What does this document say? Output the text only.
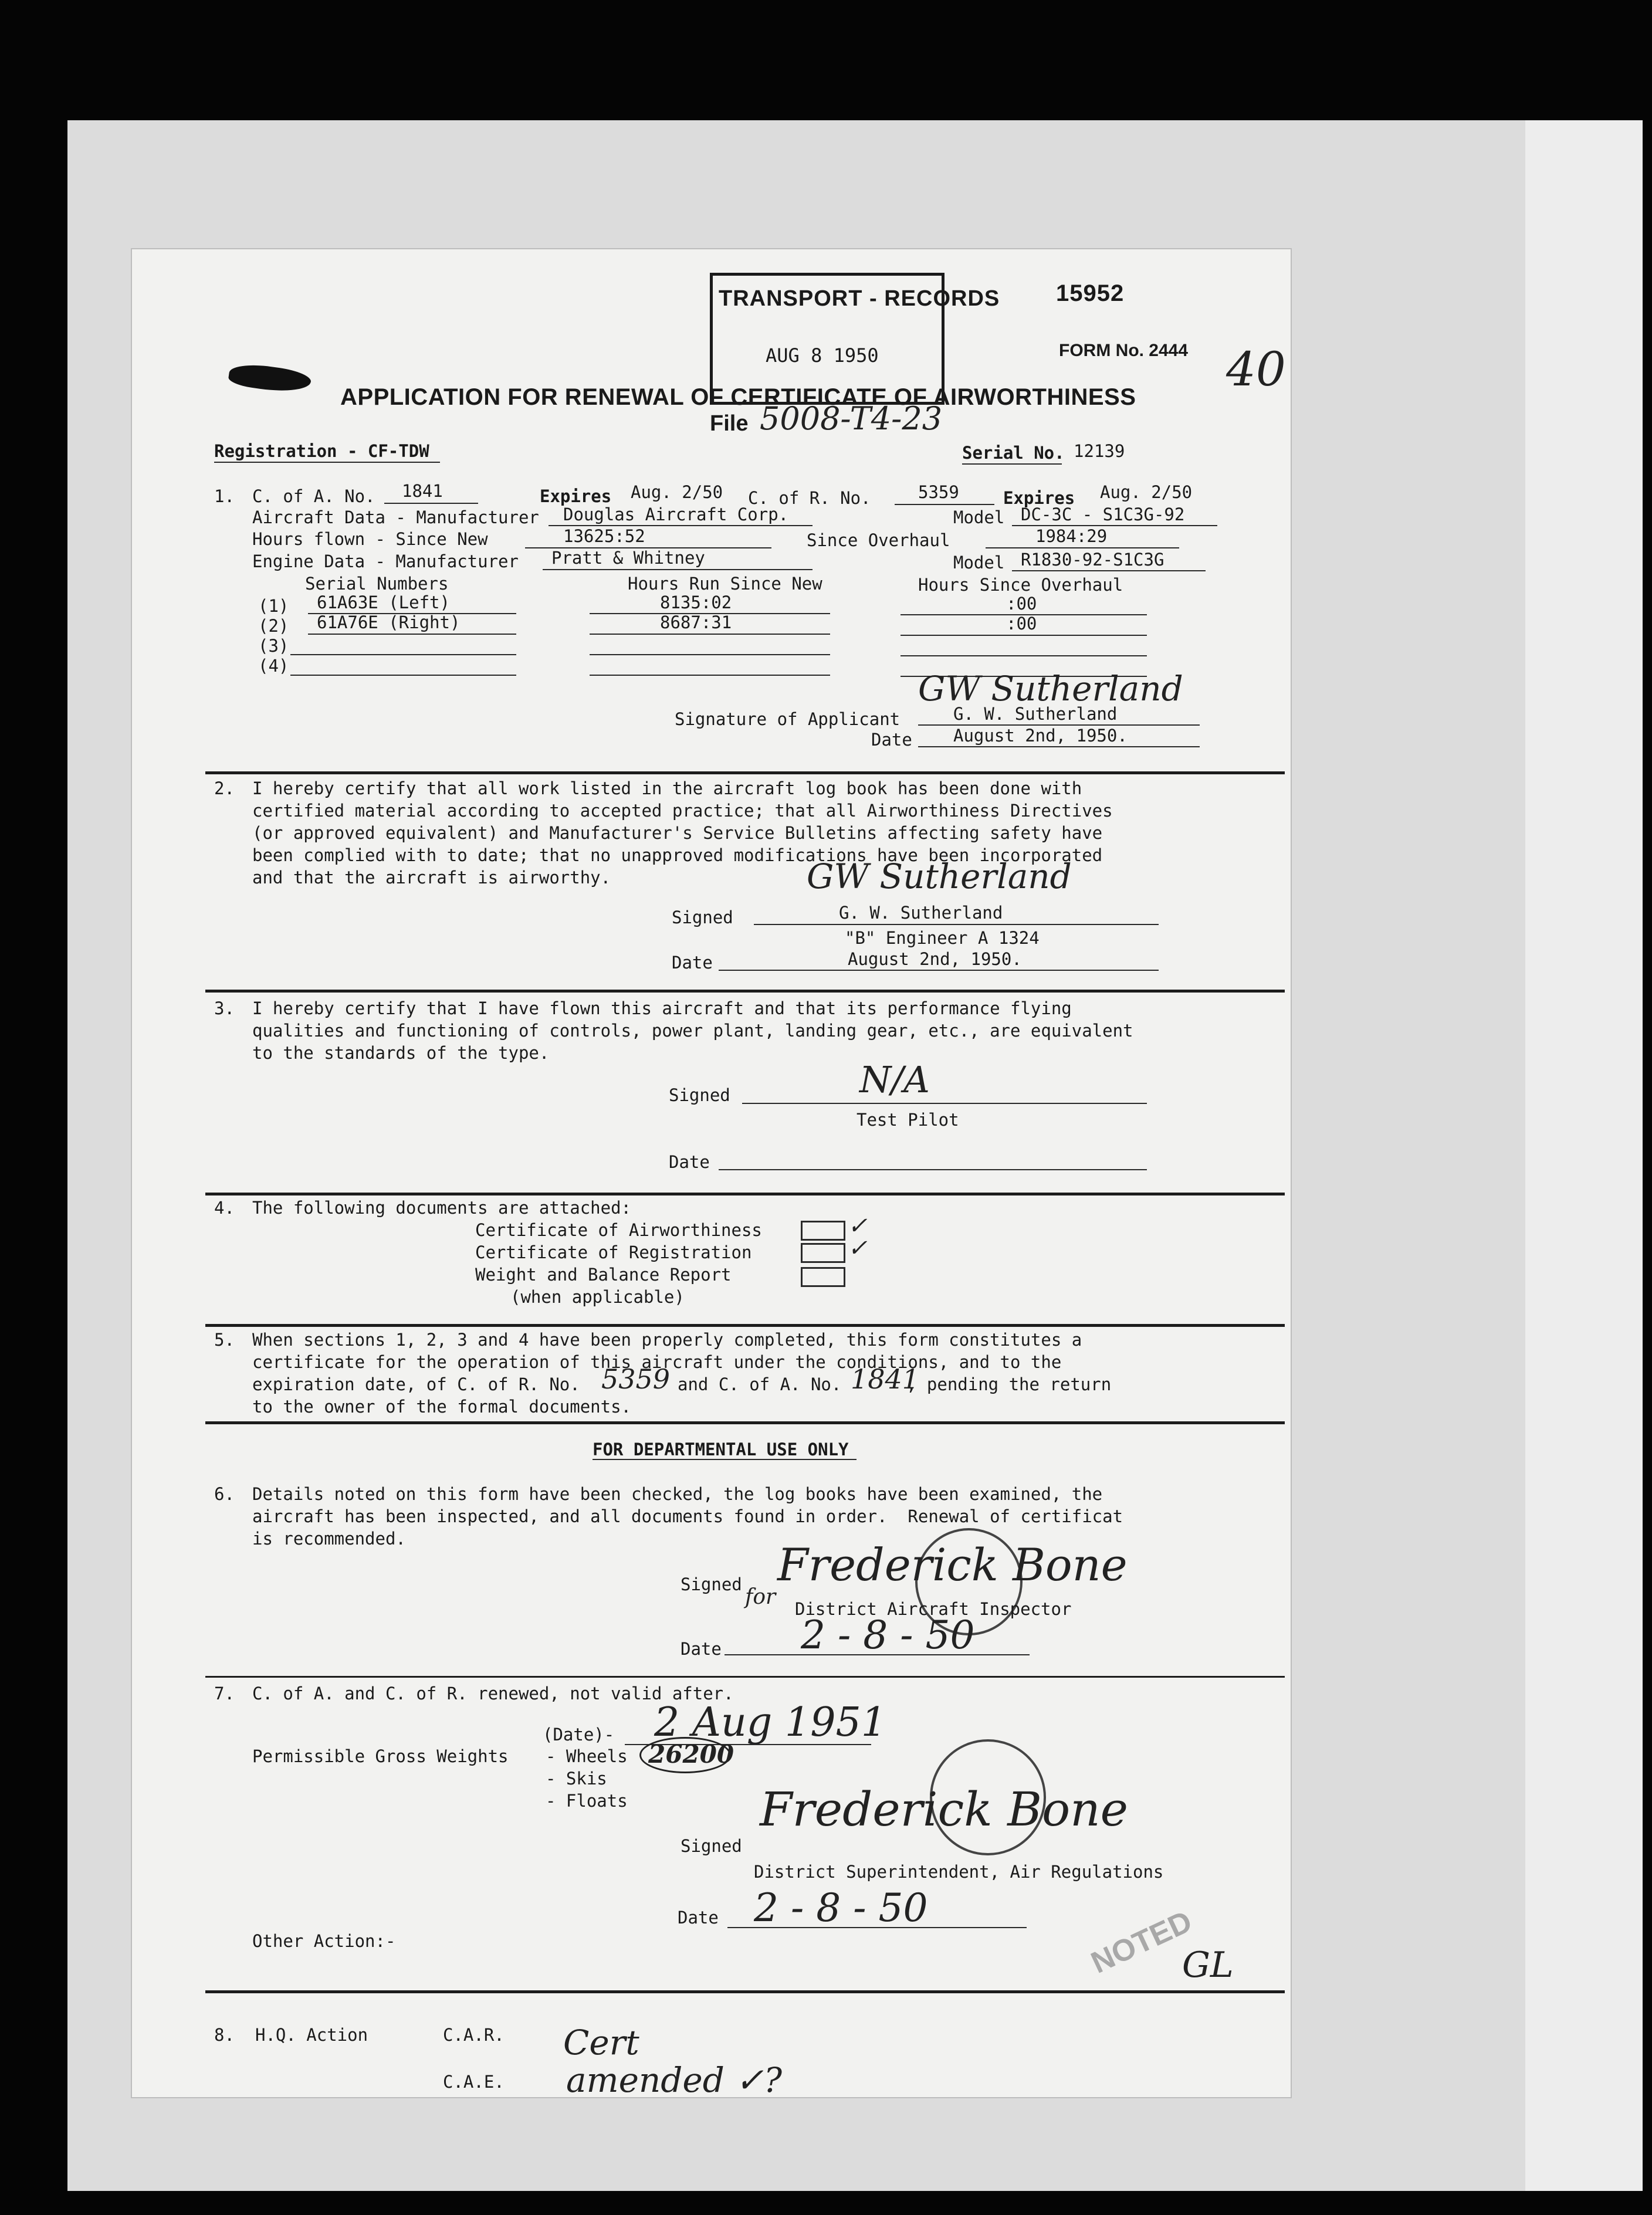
15952
FORM No. 2444 40
TRANSPORT - RECORDS
AUG 8 1950
APPLICATION FOR RENEWAL OF CERTIFICATE OF AIRWORTHINESS
File 5008-T4-23
Registration - CF-TDW	Serial No. 12139
1. C. of A. No. 1841	Expires Aug. 2/50 C. of R. No.	5359	Expires Aug. 2/50
Aircraft Data - Manufacturer Douglas Aircraft Corp.	Model DC-3C - S1C3G-92
Hours flown - Since New	13625:52	Since Overhaul	1984:29
Engine Data - Manufacturer Pratt & Whitney	Model R1830-92-S1C3G
Serial Numbers	Hours Run Since New	Hours Since Overhaul
(1) 61A63E (Left)	8135:02	:00
(2) 61A76E (Right)	8687:31	:00
(3)
(4)
GW Sutherland
Signature of Applicant	G. W. Sutherland
Date August 2nd, 1950.
2. I hereby certify that all work listed in the aircraft log book has been done with
certified material according to accepted practice; that all Airworthiness Directives
(or approved equivalent) and Manufacturer's Service Bulletins affecting safety have
been complied with to date; that no unapproved modifications have been incorporated
and that the aircraft is airworthy.	GW Sutherland
Signed	G. W. Sutherland
"B" Engineer A 1324
Date	August 2nd, 1950.
3. I hereby certify that I have flown this aircraft and that its performance flying
qualities and functioning of controls, power plant, landing gear, etc., are equivalent
to the standards of the type.
Signed	N/A
Test Pilot
Date
4. The following documents are attached:
Certificate of Airworthiness	✓
Certificate of Registration	✓
Weight and Balance Report
(when applicable)
5. When sections 1, 2, 3 and 4 have been properly completed, this form constitutes a
certificate for the operation of this aircraft under the conditions, and to the
expiration date, of C. of R. No. 5359 and C. of A. No. 1841
, pending the return
to the owner of the formal documents.
FOR DEPARTMENTAL USE ONLY
6. Details noted on this form have been checked, the log books have been examined, the
aircraft has been inspected, and all documents found in order.  Renewal of certificat
is recommended.	Frederick Bone
Signed
for District Aircraft Inspector
Date 2 - 8 - 50
7. C. of A. and C. of R. renewed, not valid after.
(Date)- 2 Aug 1951
Permissible Gross Weights - Wheels 26200
- Skis
- Floats	Frederick Bone
Signed
District Superintendent, Air Regulations
Date 2 - 8 - 50
Other Action:-	NOTED
GL
8. H.Q. Action	C.A.R.
C.A.E.
Cert
amended ✓?
